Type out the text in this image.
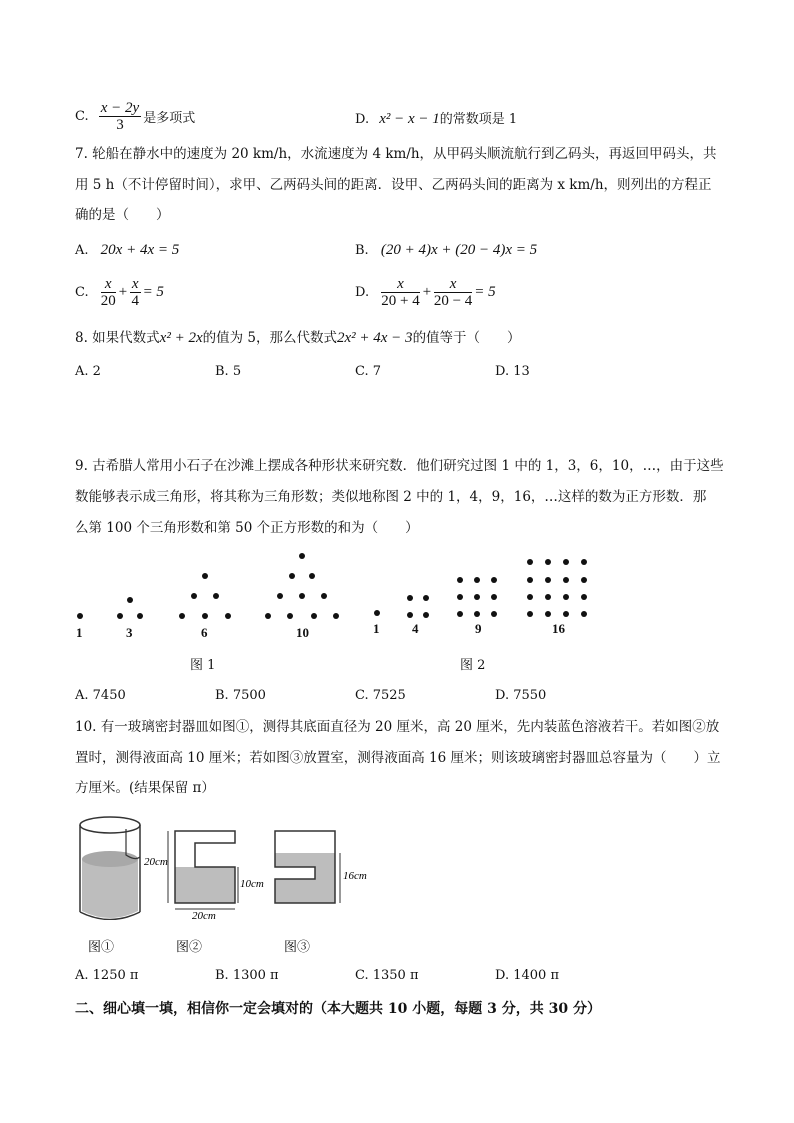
C. $\frac{x - 2y}{3}$ 是多项式	D. x² − x − 1的常数项是 1
7. 轮船在静水中的速度为 20 km/h，水流速度为 4 km/h，从甲码头顺流航行到乙码头，再返回甲码头，共
用 5 h（不计停留时间），求甲、乙两码头间的距离．设甲、乙两码头间的距离为 x km/h，则列出的方程正
确的是（　　）
A. 20x + 4x = 5	B. (20 + 4)x + (20 − 4)x = 5
C. $\frac{x}{20} + \frac{x}{4} = 5$	D. $\frac{x}{20 + 4} + \frac{x}{20 - 4} = 5$
8. 如果代数式x² + 2x的值为 5，那么代数式2x² + 4x − 3的值等于（　　）
A. 2	B. 5	C. 7	D. 13
9. 古希腊人常用小石子在沙滩上摆成各种形状来研究数．他们研究过图 1 中的 1，3，6，10，…，由于这些
数能够表示成三角形，将其称为三角形数；类似地称图 2 中的 1，4，9，16，…这样的数为正方形数．那
么第 100 个三角形数和第 50 个正方形数的和为（　　）
1	3	6	10	1	4	9	16
图 1	图 2
A. 7450	B. 7500	C. 7525	D. 7550
10. 有一玻璃密封器皿如图①，测得其底面直径为 20 厘米，高 20 厘米，先内装蓝色溶液若干。若如图②放
置时，测得液面高 10 厘米；若如图③放置室，测得液面高 16 厘米；则该玻璃密封器皿总容量为（　　）立
方厘米。(结果保留 π）
20cm
10cm
20cm
16cm
图①	图②	图③
A. 1250 π	B. 1300 π	C. 1350 π	D. 1400 π
二、细心填一填，相信你一定会填对的（本大题共 10 小题，每题 3 分，共 30 分）
